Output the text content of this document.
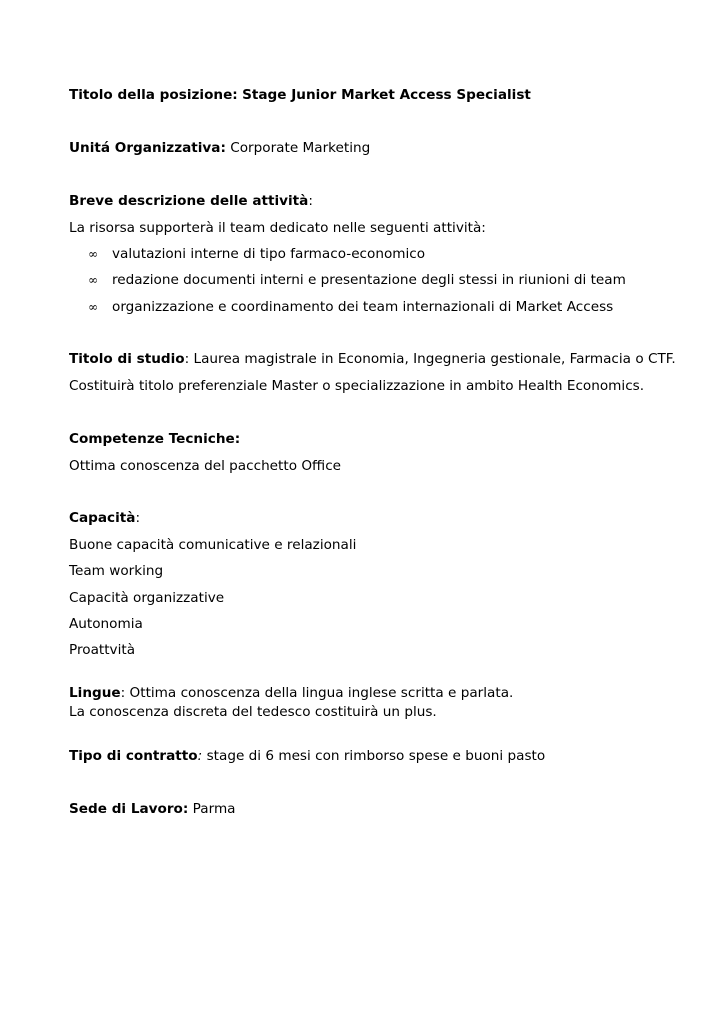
Titolo della posizione: Stage Junior Market Access Specialist
Unitá Organizzativa: Corporate Marketing
Breve descrizione delle attività:
La risorsa supporterà il team dedicato nelle seguenti attività:
∞ valutazioni interne di tipo farmaco-economico
∞ redazione documenti interni e presentazione degli stessi in riunioni di team
∞ organizzazione e coordinamento dei team internazionali di Market Access
Titolo di studio: Laurea magistrale in Economia, Ingegneria gestionale, Farmacia o CTF.
Costituirà titolo preferenziale Master o specializzazione in ambito Health Economics.
Competenze Tecniche:
Ottima conoscenza del pacchetto Office
Capacità:
Buone capacità comunicative e relazionali
Team working
Capacità organizzative
Autonomia
Proattvità
Lingue: Ottima conoscenza della lingua inglese scritta e parlata.
La conoscenza discreta del tedesco costituirà un plus.
Tipo di contratto: stage di 6 mesi con rimborso spese e buoni pasto
Sede di Lavoro: Parma
